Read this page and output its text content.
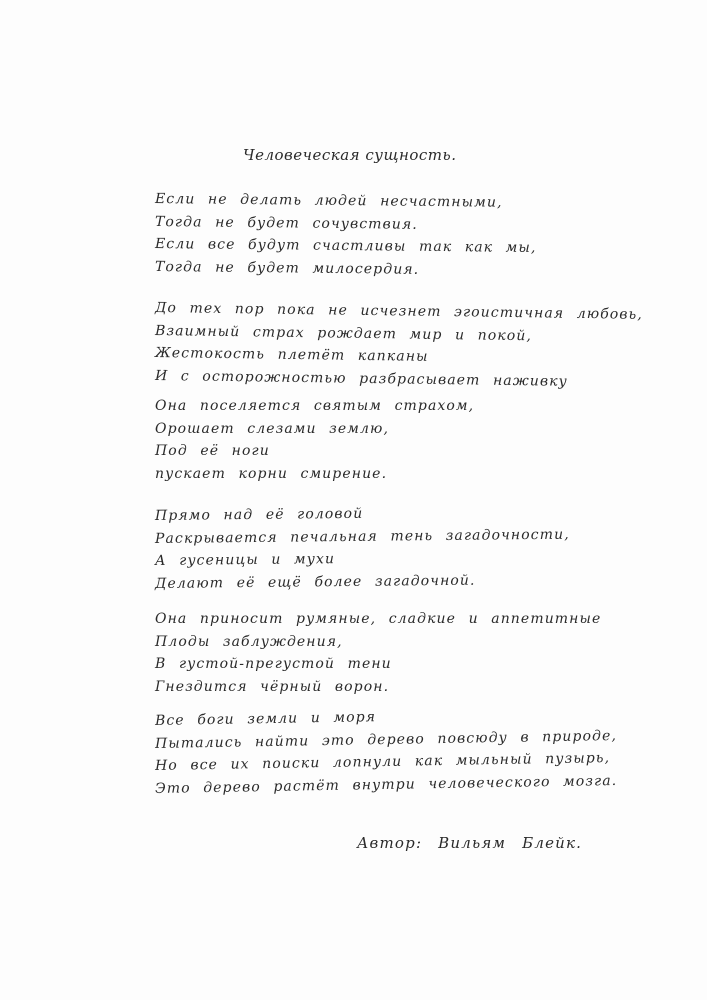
Человеческая сущность.
Если не делать людей несчастными,
Тогда не будет сочувствия.
Если все будут счастливы так как мы,
Тогда не будет милосердия.
До тех пор пока не исчезнет эгоистичная любовь,
Взаимный страх рождает мир и покой,
Жестокость плетёт капканы
И с осторожностью разбрасывает наживку
Она поселяется святым страхом,
Орошает слезами землю,
Под её ноги
пускает корни смирение.
Прямо над её головой
Раскрывается печальная тень загадочности,
А гусеницы и мухи
Делают её ещё более загадочной.
Она приносит румяные, сладкие и аппетитные
Плоды заблуждения,
В густой-прегустой тени
Гнездится чёрный ворон.
Все боги земли и моря
Пытались найти это дерево повсюду в природе,
Но все их поиски лопнули как мыльный пузырь,
Это дерево растёт внутри человеческого мозга.
Автор: Вильям Блейк.
